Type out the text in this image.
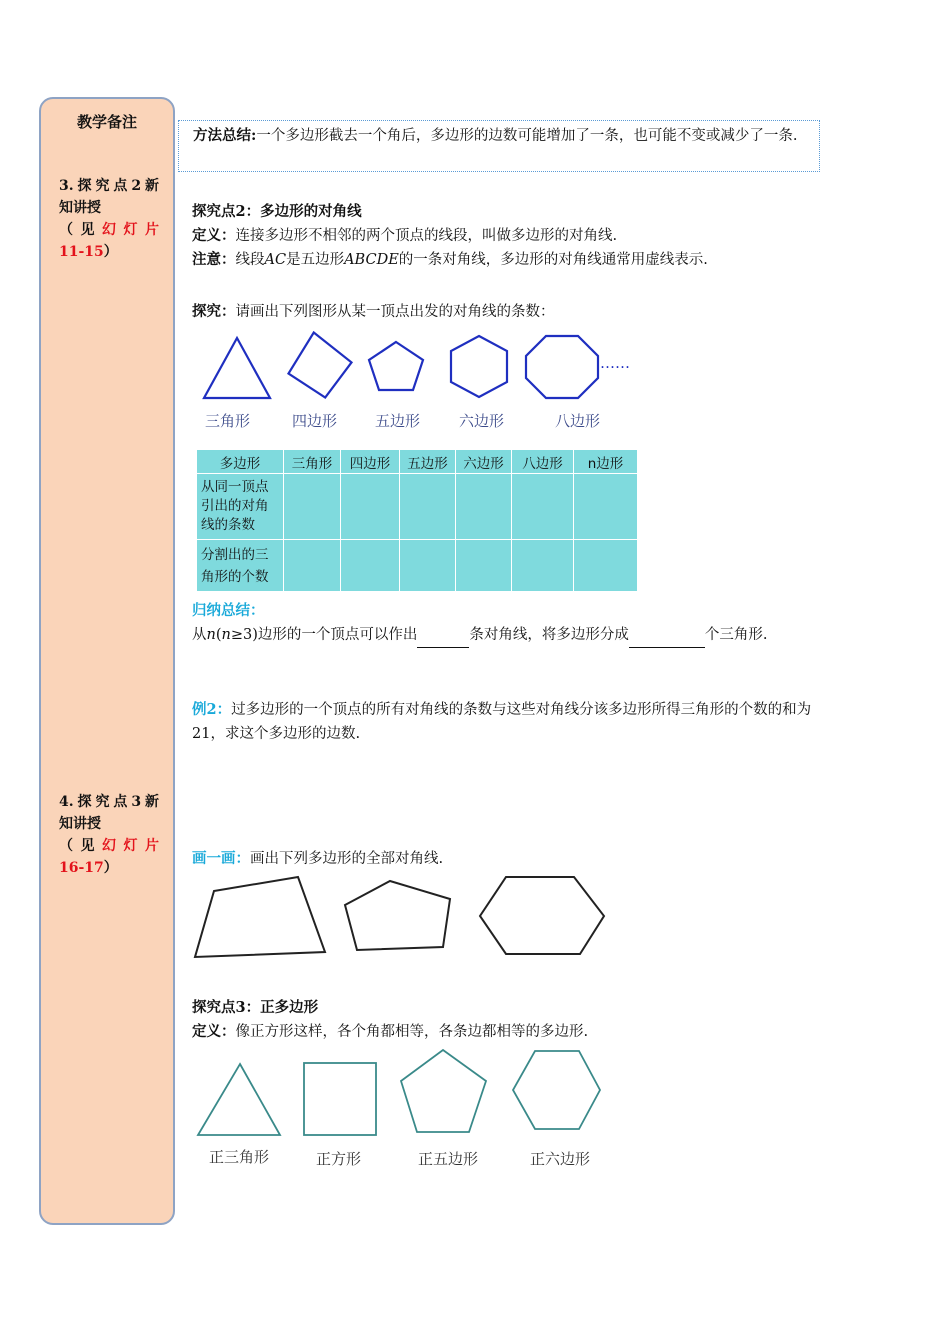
教学备注
3.探究点2新
知讲授
（见幻灯片
11-15）
4.探究点3新
知讲授
（见幻灯片
16-17）
方法总结:一个多边形截去一个角后，多边形的边数可能增加了一条，也可能不变或减少了一条.
探究点2：多边形的对角线
定义：连接多边形不相邻的两个顶点的线段，叫做多边形的对角线.
注意：线段AC是五边形ABCDE的一条对角线，多边形的对角线通常用虚线表示.
探究：请画出下列图形从某一顶点出发的对角线的条数：
……
三角形	四边形	五边形	六边形	八边形
多边形	三角形	四边形	五边形	六边形	八边形	n边形
从同一顶点引出的对角线的条数						
分割出的三角形的个数						
归纳总结：
从n(n≥3)边形的一个顶点可以作出	条对角线，将多边形分成	个三角形.
例2：过多边形的一个顶点的所有对角线的条数与这些对角线分该多边形所得三角形的个数的和为21，求这个多边形的边数.
画一画：画出下列多边形的全部对角线.
探究点3：正多边形
定义：像正方形这样，各个角都相等，各条边都相等的多边形.
正三角形	正方形	正五边形	正六边形
